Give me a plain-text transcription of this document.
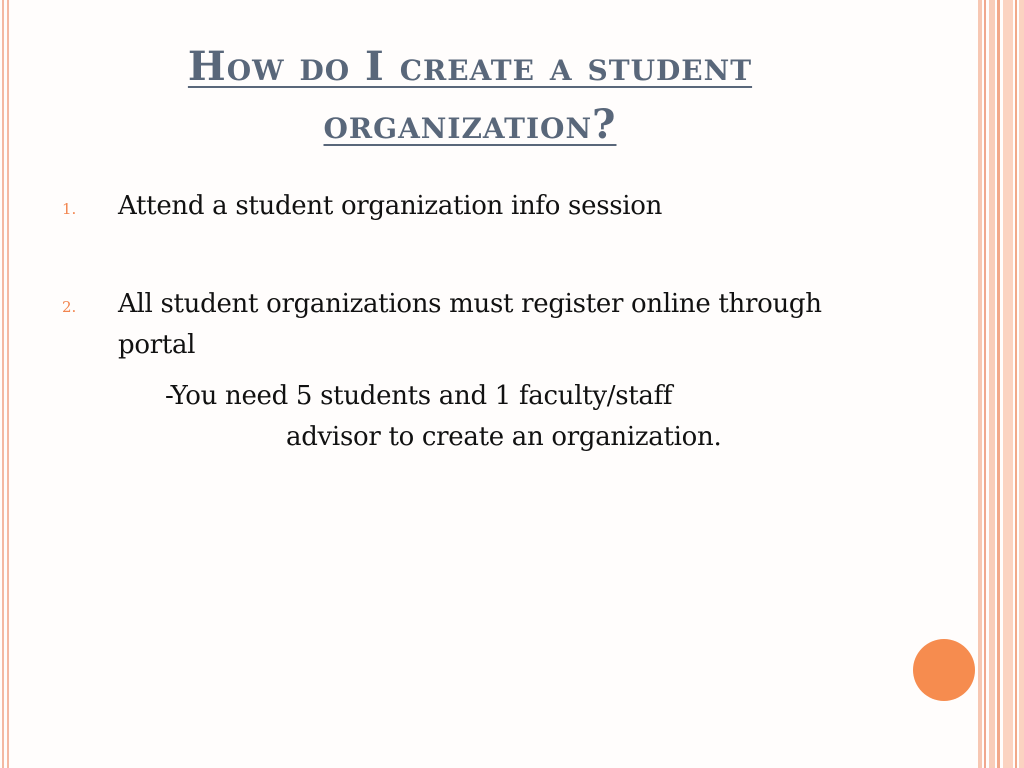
How do I create a student organization?
1. Attend a student organization info session
2. All student organizations must register online through portal
-You need 5 students and 1 faculty/staff
advisor to create an organization.
